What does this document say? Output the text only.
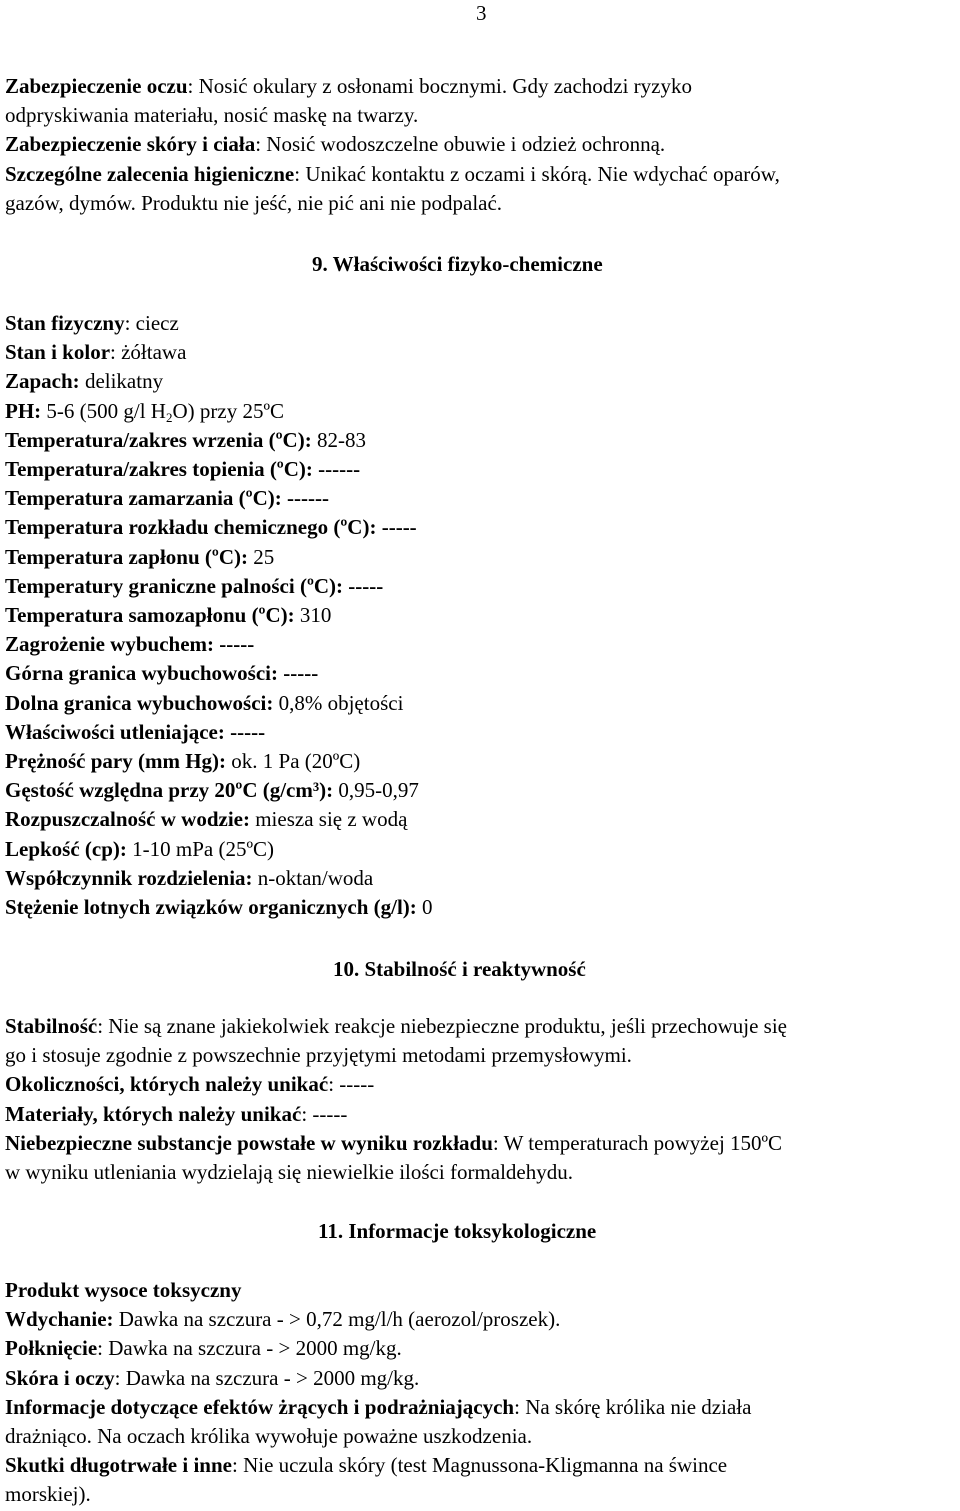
3
Zabezpieczenie oczu: Nosić okulary z osłonami bocznymi. Gdy zachodzi ryzyko
odpryskiwania materiału, nosić maskę na twarzy.
Zabezpieczenie skóry i ciała: Nosić wodoszczelne obuwie i odzież ochronną.
Szczególne zalecenia higieniczne: Unikać kontaktu z oczami i skórą. Nie wdychać oparów,
gazów, dymów. Produktu nie jeść, nie pić ani nie podpalać.
9. Właściwości fizyko-chemiczne
Stan fizyczny: ciecz
Stan i kolor: żółtawa
Zapach: delikatny
PH: 5-6 (500 g/l $H_2O$) przy 25ºC
Temperatura/zakres wrzenia (ºC): 82-83
Temperatura/zakres topienia (ºC): ------
Temperatura zamarzania (ºC): ------
Temperatura rozkładu chemicznego (ºC): -----
Temperatura zapłonu (ºC): 25
Temperatury graniczne palności (ºC): -----
Temperatura samozapłonu (ºC): 310
Zagrożenie wybuchem: -----
Górna granica wybuchowości: -----
Dolna granica wybuchowości: 0,8% objętości
Właściwości utleniające: -----
Prężność pary (mm Hg): ok. 1 Pa (20ºC)
Gęstość względna przy 20ºC (g/cm³): 0,95-0,97
Rozpuszczalność w wodzie: miesza się z wodą
Lepkość (cp): 1-10 mPa (25ºC)
Współczynnik rozdzielenia: n-oktan/woda
Stężenie lotnych związków organicznych (g/l): 0
10. Stabilność i reaktywność
Stabilność: Nie są znane jakiekolwiek reakcje niebezpieczne produktu, jeśli przechowuje się
go i stosuje zgodnie z powszechnie przyjętymi metodami przemysłowymi.
Okoliczności, których należy unikać: -----
Materiały, których należy unikać: -----
Niebezpieczne substancje powstałe w wyniku rozkładu: W temperaturach powyżej 150ºC
w wyniku utleniania wydzielają się niewielkie ilości formaldehydu.
11. Informacje toksykologiczne
Produkt wysoce toksyczny
Wdychanie: Dawka na szczura - > 0,72 mg/l/h (aerozol/proszek).
Połknięcie: Dawka na szczura - > 2000 mg/kg.
Skóra i oczy: Dawka na szczura - > 2000 mg/kg.
Informacje dotyczące efektów żrących i podrażniających: Na skórę królika nie działa
drażniąco. Na oczach królika wywołuje poważne uszkodzenia.
Skutki długotrwałe i inne: Nie uczula skóry (test Magnussona-Kligmanna na śwince
morskiej).
